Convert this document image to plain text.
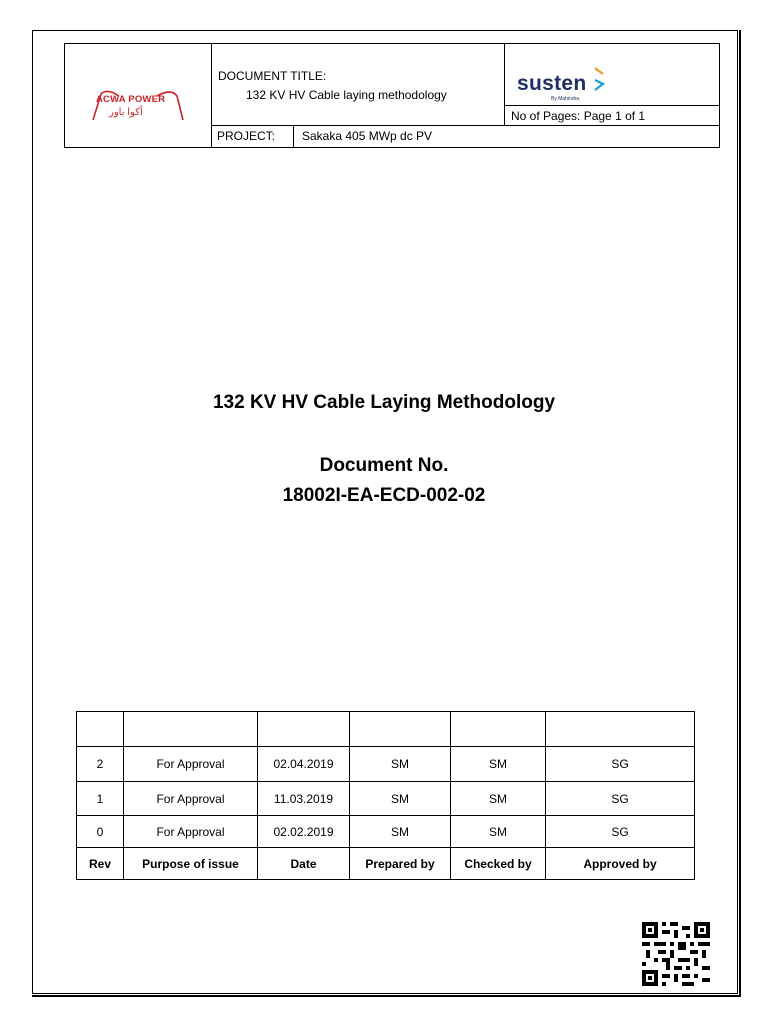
ACWA POWER
أكوا باور
DOCUMENT TITLE:
132 KV HV Cable laying methodology	susten
By Mahindra
No of Pages: Page 1 of 1
PROJECT:	Sakaka 405 MWp dc PV
132 KV HV Cable Laying Methodology
Document No.
18002I-EA-ECD-002-02

2	For Approval	02.04.2019	SM	SM	SG
1	For Approval	11.03.2019	SM	SM	SG
0	For Approval	02.02.2019	SM	SM	SG
Rev	Purpose of issue	Date	Prepared by	Checked by	Approved by
